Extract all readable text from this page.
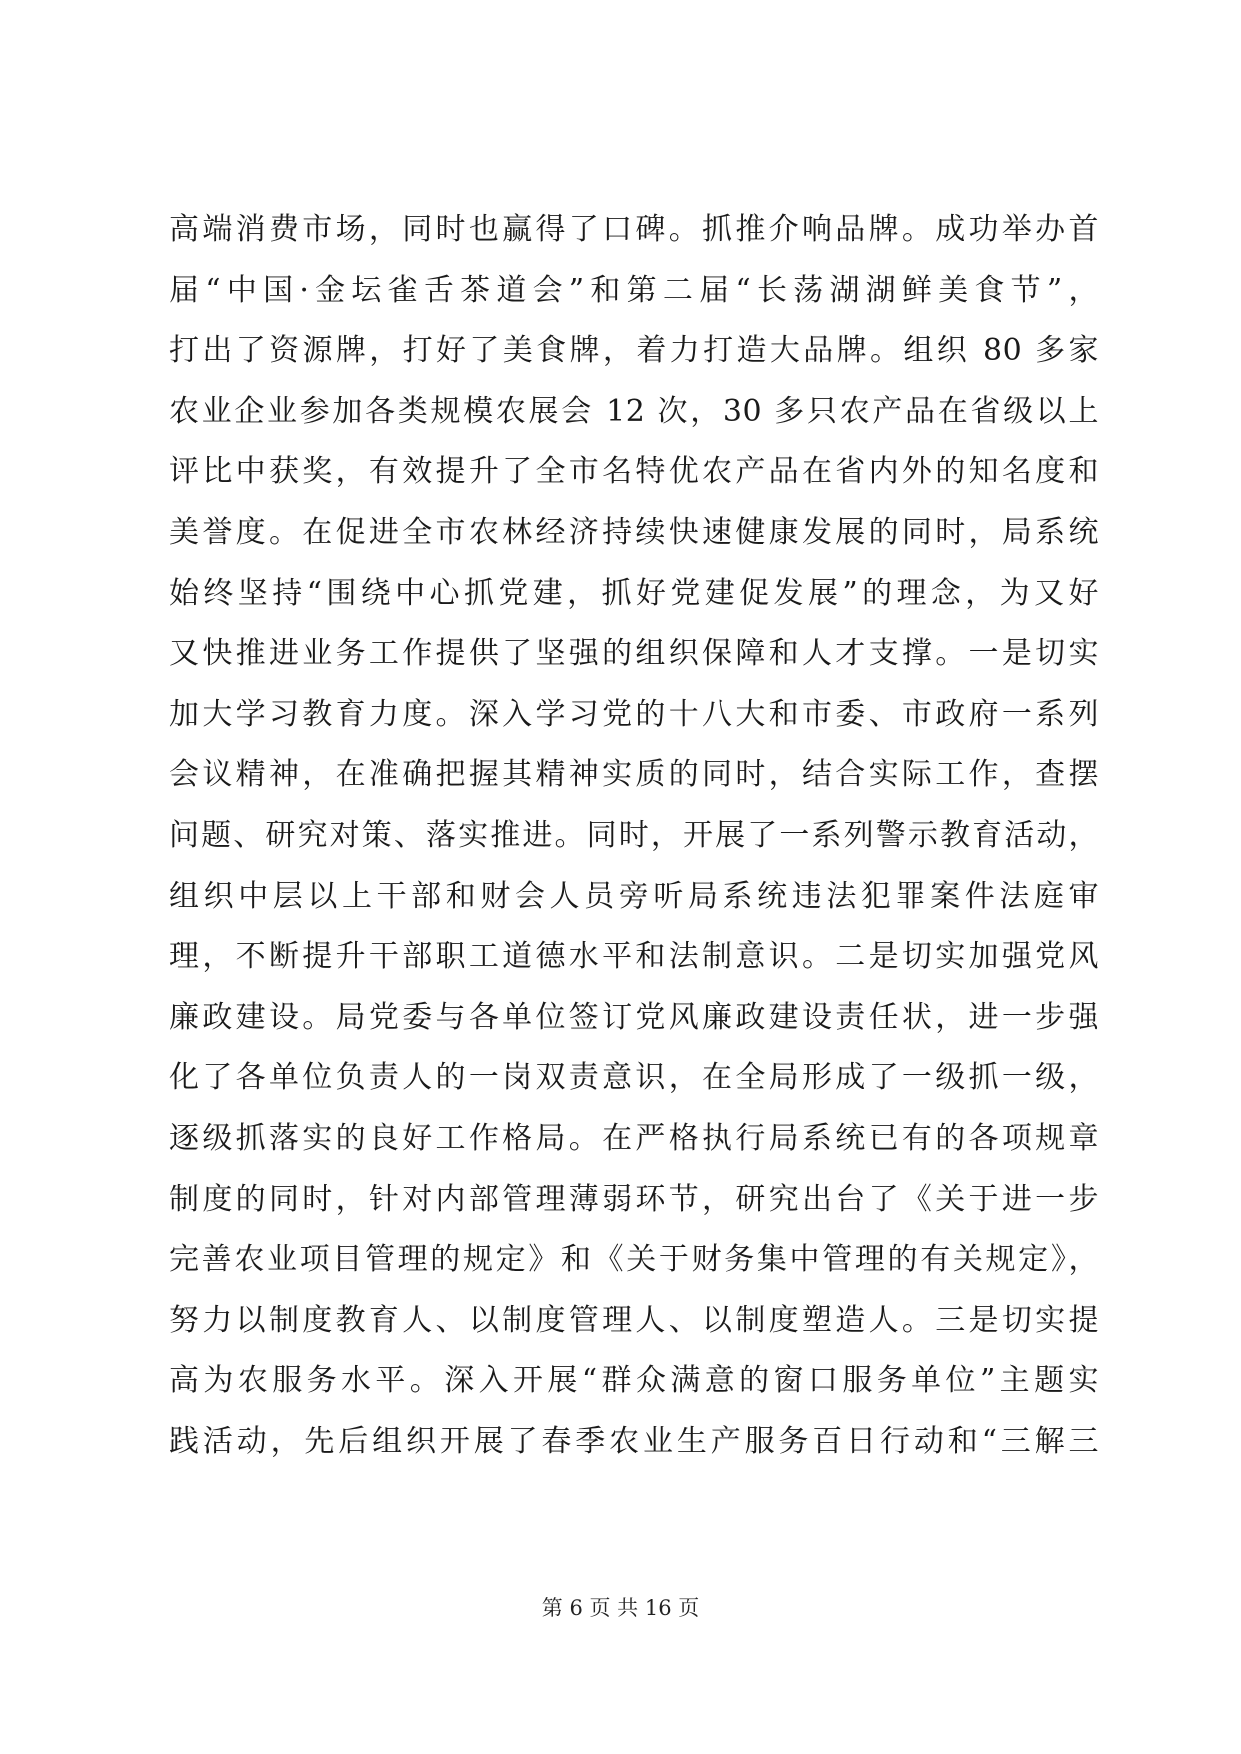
高端消费市场，同时也赢得了口碑。抓推介响品牌。成功举办首
届“中国·金坛雀舌茶道会”和第二届“长荡湖湖鲜美食节”，
打出了资源牌，打好了美食牌，着力打造大品牌。组织 80 多家
农业企业参加各类规模农展会 12 次，30 多只农产品在省级以上
评比中获奖，有效提升了全市名特优农产品在省内外的知名度和
美誉度。在促进全市农林经济持续快速健康发展的同时，局系统
始终坚持“围绕中心抓党建，抓好党建促发展”的理念，为又好
又快推进业务工作提供了坚强的组织保障和人才支撑。一是切实
加大学习教育力度。深入学习党的十八大和市委、市政府一系列
会议精神，在准确把握其精神实质的同时，结合实际工作，查摆
问题、研究对策、落实推进。同时，开展了一系列警示教育活动，
组织中层以上干部和财会人员旁听局系统违法犯罪案件法庭审
理，不断提升干部职工道德水平和法制意识。二是切实加强党风
廉政建设。局党委与各单位签订党风廉政建设责任状，进一步强
化了各单位负责人的一岗双责意识，在全局形成了一级抓一级，
逐级抓落实的良好工作格局。在严格执行局系统已有的各项规章
制度的同时，针对内部管理薄弱环节，研究出台了《关于进一步
完善农业项目管理的规定》和《关于财务集中管理的有关规定》，
努力以制度教育人、以制度管理人、以制度塑造人。三是切实提
高为农服务水平。深入开展“群众满意的窗口服务单位”主题实
践活动，先后组织开展了春季农业生产服务百日行动和“三解三
第 6 页 共 16 页
